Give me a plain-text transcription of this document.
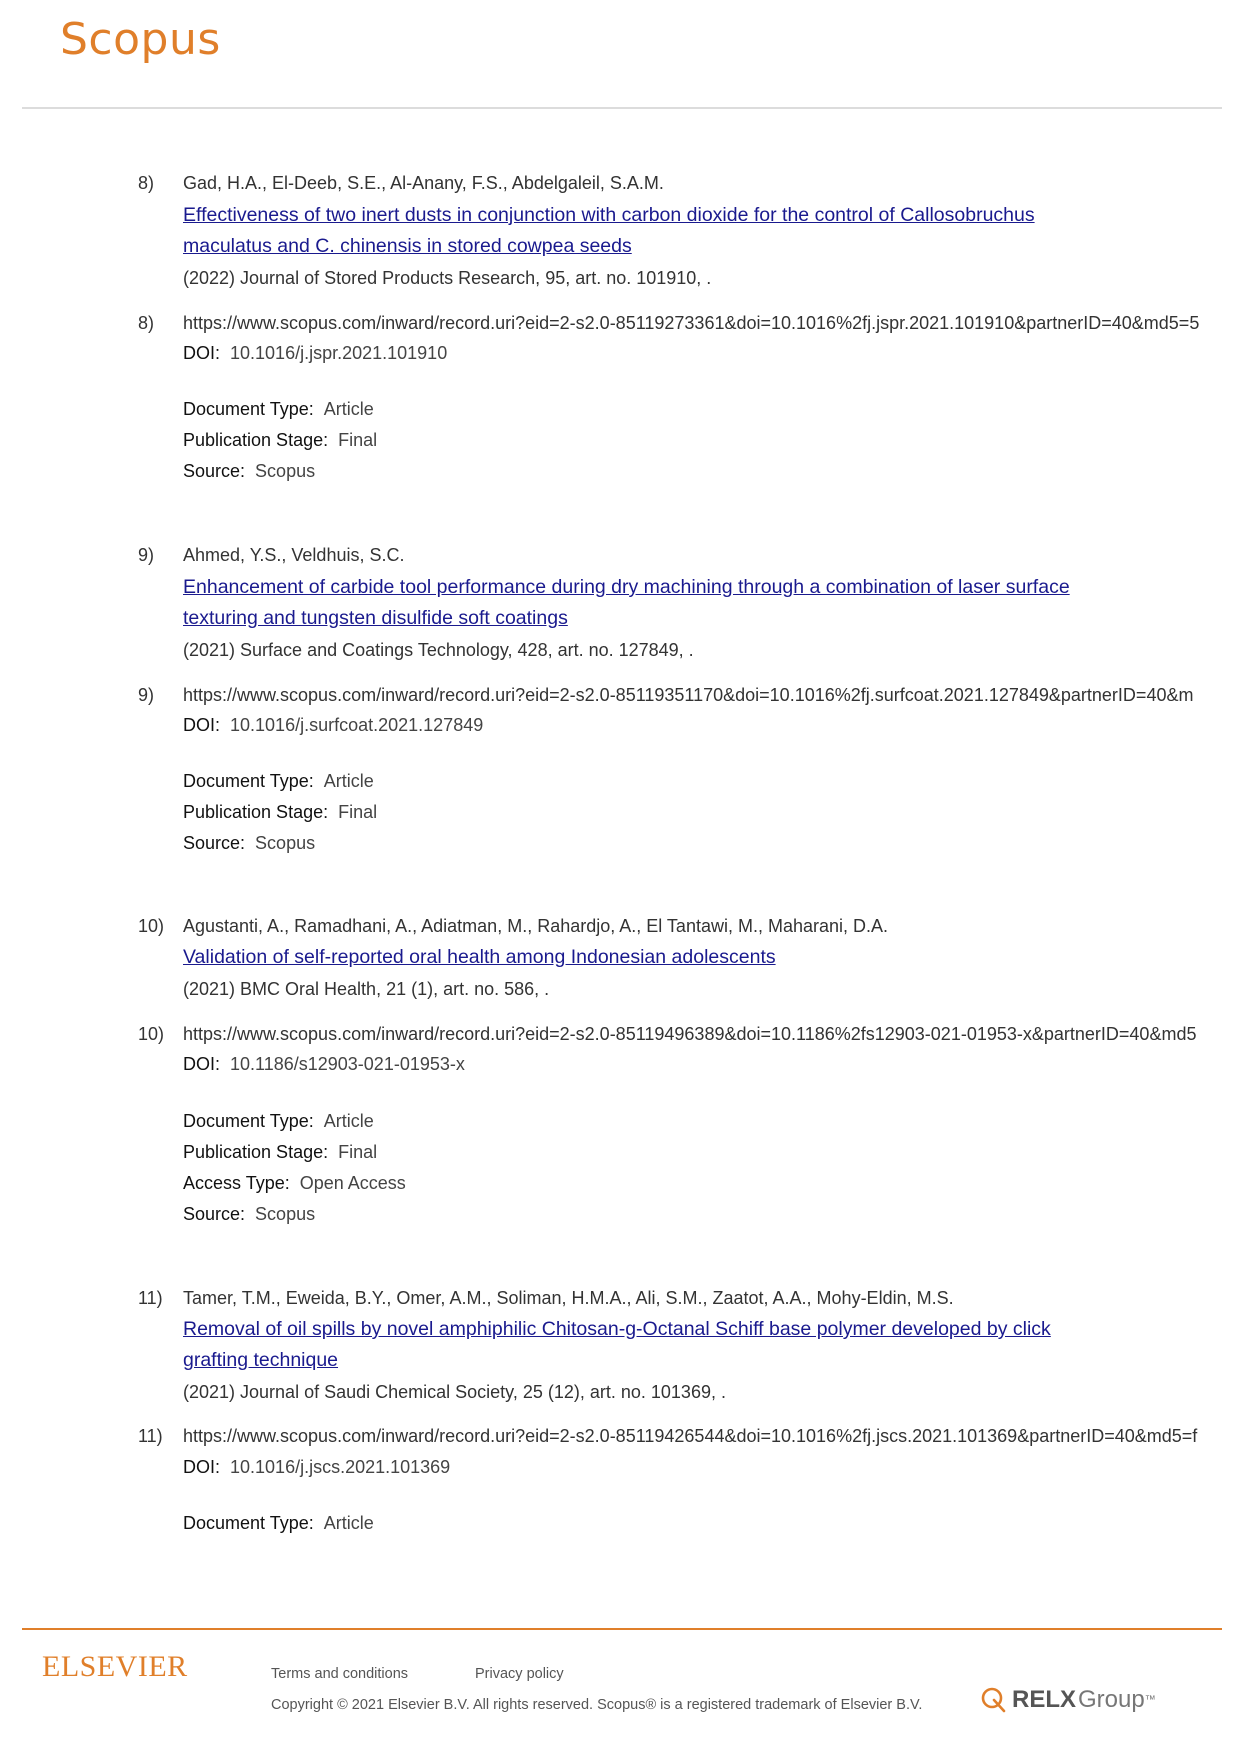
Scopus
8) Gad, H.A., El-Deeb, S.E., Al-Anany, F.S., Abdelgaleil, S.A.M.
Effectiveness of two inert dusts in conjunction with carbon dioxide for the control of Callosobruchus maculatus and C. chinensis in stored cowpea seeds
(2022) Journal of Stored Products Research, 95, art. no. 101910, .
8) https://www.scopus.com/inward/record.uri?eid=2-s2.0-85119273361&doi=10.1016%2fj.jspr.2021.101910&partnerID=40&md5=5
DOI: 10.1016/j.jspr.2021.101910
Document Type: Article
Publication Stage: Final
Source: Scopus
9) Ahmed, Y.S., Veldhuis, S.C.
Enhancement of carbide tool performance during dry machining through a combination of laser surface texturing and tungsten disulfide soft coatings
(2021) Surface and Coatings Technology, 428, art. no. 127849, .
9) https://www.scopus.com/inward/record.uri?eid=2-s2.0-85119351170&doi=10.1016%2fj.surfcoat.2021.127849&partnerID=40&m
DOI: 10.1016/j.surfcoat.2021.127849
Document Type: Article
Publication Stage: Final
Source: Scopus
10) Agustanti, A., Ramadhani, A., Adiatman, M., Rahardjo, A., El Tantawi, M., Maharani, D.A.
Validation of self-reported oral health among Indonesian adolescents
(2021) BMC Oral Health, 21 (1), art. no. 586, .
10) https://www.scopus.com/inward/record.uri?eid=2-s2.0-85119496389&doi=10.1186%2fs12903-021-01953-x&partnerID=40&md5
DOI: 10.1186/s12903-021-01953-x
Document Type: Article
Publication Stage: Final
Access Type: Open Access
Source: Scopus
11) Tamer, T.M., Eweida, B.Y., Omer, A.M., Soliman, H.M.A., Ali, S.M., Zaatot, A.A., Mohy-Eldin, M.S.
Removal of oil spills by novel amphiphilic Chitosan-g-Octanal Schiff base polymer developed by click grafting technique
(2021) Journal of Saudi Chemical Society, 25 (12), art. no. 101369, .
11) https://www.scopus.com/inward/record.uri?eid=2-s2.0-85119426544&doi=10.1016%2fj.jscs.2021.101369&partnerID=40&md5=f
DOI: 10.1016/j.jscs.2021.101369
Document Type: Article
ELSEVIER	Terms and conditions	Privacy policy
Copyright © 2021 Elsevier B.V. All rights reserved. Scopus® is a registered trademark of Elsevier B.V.	RELX Group ™
